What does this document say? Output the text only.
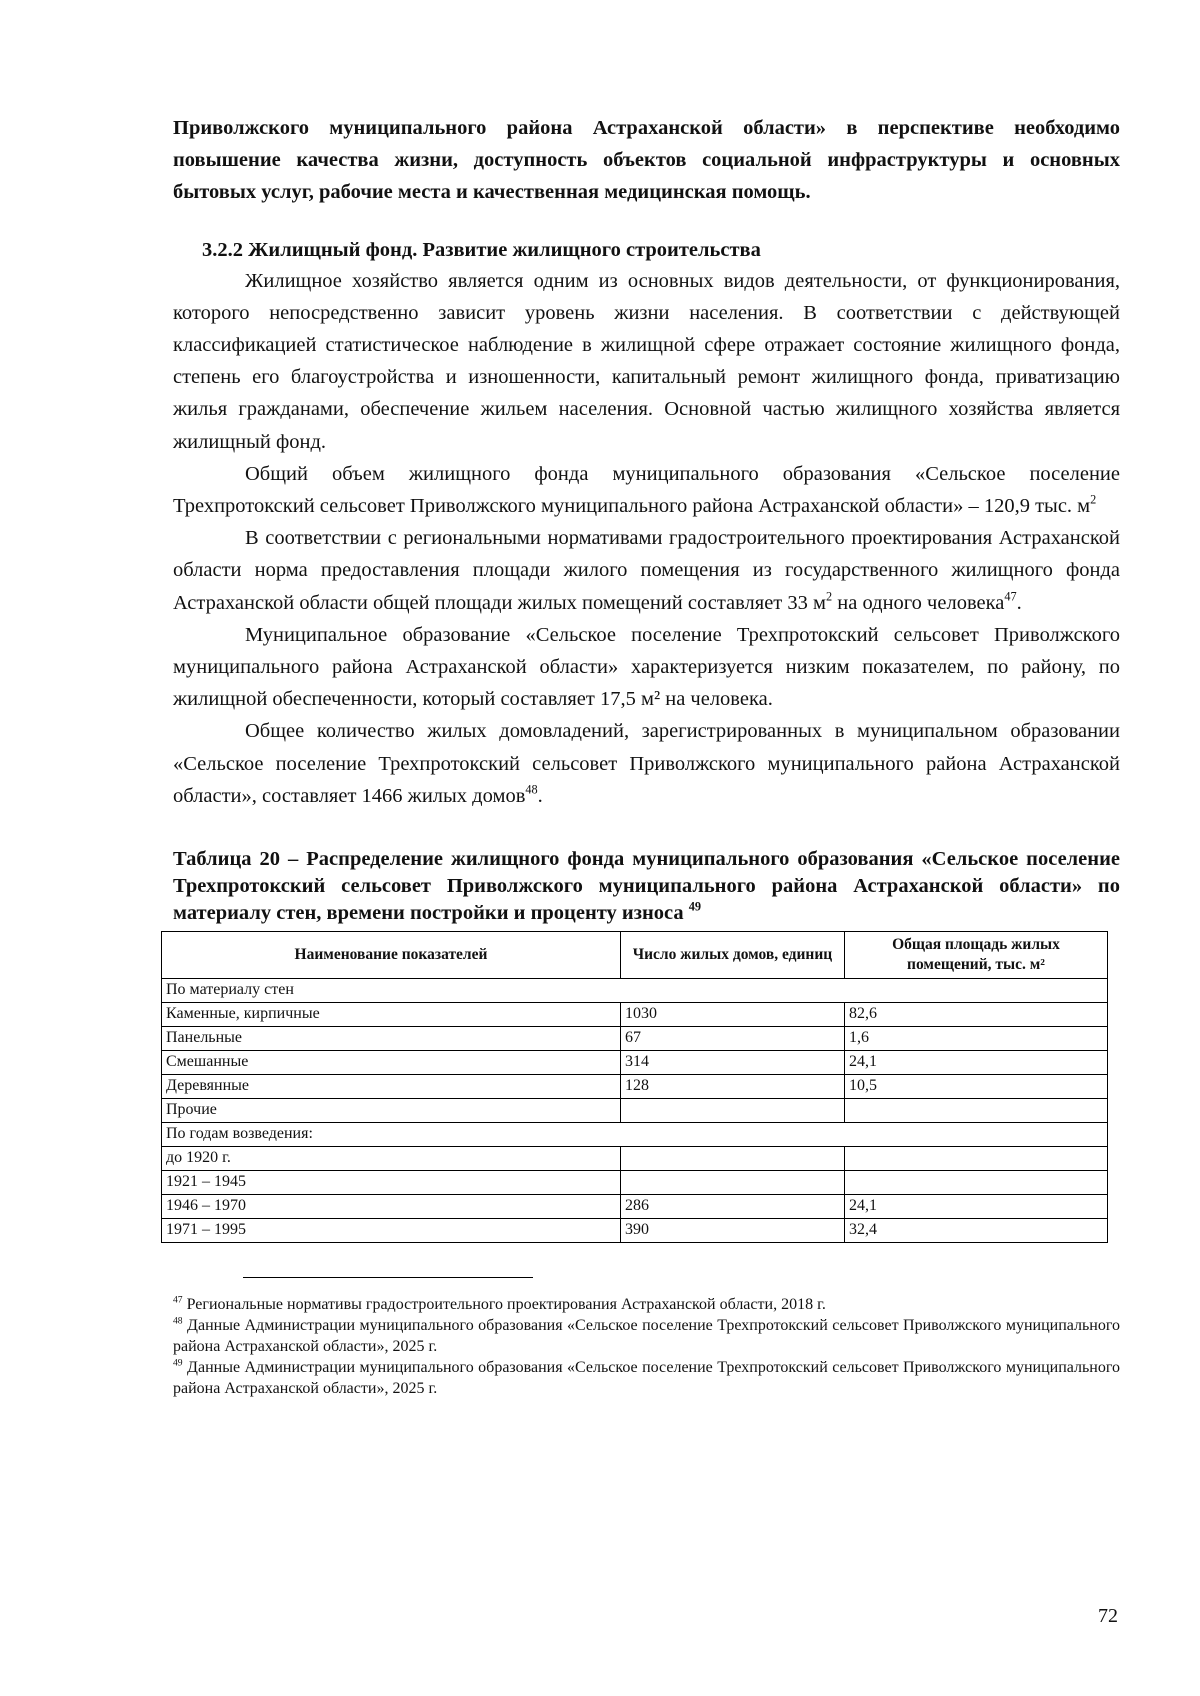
Приволжского муниципального района Астраханской области» в перспективе необходимо повышение качества жизни, доступность объектов социальной инфраструктуры и основных бытовых услуг, рабочие места и качественная медицинская помощь.

3.2.2 Жилищный фонд. Развитие жилищного строительства

Жилищное хозяйство является одним из основных видов деятельности, от функционирования, которого непосредственно зависит уровень жизни населения. В соответствии с действующей классификацией статистическое наблюдение в жилищной сфере отражает состояние жилищного фонда, степень его благоустройства и изношенности, капитальный ремонт жилищного фонда, приватизацию жилья гражданами, обеспечение жильем населения. Основной частью жилищного хозяйства является жилищный фонд.

Общий объем жилищного фонда муниципального образования «Сельское поселение Трехпротокский сельсовет Приволжского муниципального района Астраханской области» – 120,9 тыс. $м^2$

В соответствии с региональными нормативами градостроительного проектирования Астраханской области норма предоставления площади жилого помещения из государственного жилищного фонда Астраханской области общей площади жилых помещений составляет 33 $м^2$ на одного человека$^{47}$.

Муниципальное образование «Сельское поселение Трехпротокский сельсовет Приволжского муниципального района Астраханской области» характеризуется низким показателем, по району, по жилищной обеспеченности, который составляет 17,5 м² на человека.

Общее количество жилых домовладений, зарегистрированных в муниципальном образовании «Сельское поселение Трехпротокский сельсовет Приволжского муниципального района Астраханской области», составляет 1466 жилых домов$^{48}$.

Таблица 20 – Распределение жилищного фонда муниципального образования «Сельское поселение Трехпротокский сельсовет Приволжского муниципального района Астраханской области» по материалу стен, времени постройки и проценту износа $^{49}$

Наименование показателей	Число жилых домов, единиц	Общая площадь жилых помещений, тыс. м²
По материалу стен		
Каменные, кирпичные	1030	82,6
Панельные	67	1,6
Смешанные	314	24,1
Деревянные	128	10,5
Прочие		
По годам возведения:		
до 1920 г.		
1921 – 1945		
1946 – 1970	286	24,1
1971 – 1995	390	32,4

$^{47}$ Региональные нормативы градостроительного проектирования Астраханской области, 2018 г.

$^{48}$ Данные Администрации муниципального образования «Сельское поселение Трехпротокский сельсовет Приволжского муниципального района Астраханской области», 2025 г.

$^{49}$ Данные Администрации муниципального образования «Сельское поселение Трехпротокский сельсовет Приволжского муниципального района Астраханской области», 2025 г.

72
